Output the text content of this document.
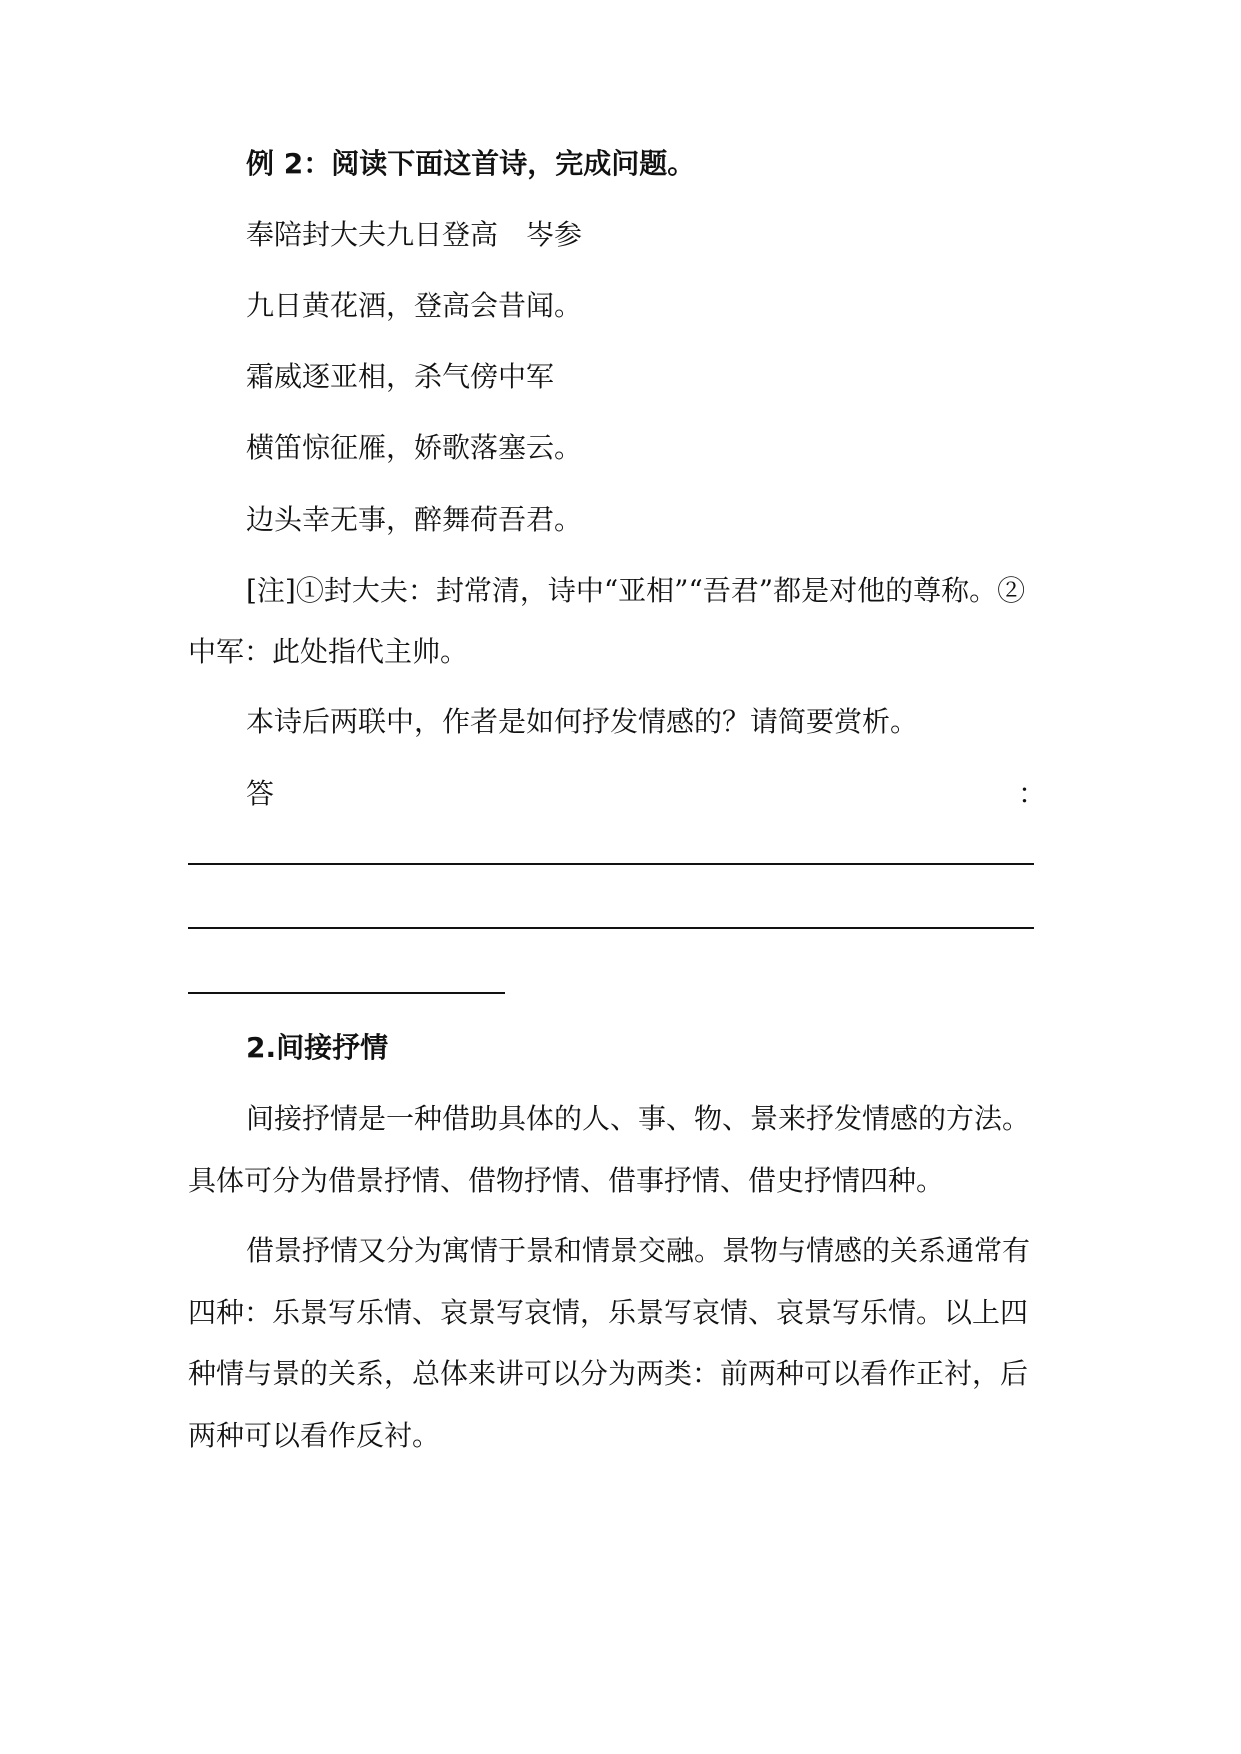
例 2：阅读下面这首诗，完成问题。
奉陪封大夫九日登高　岑参
九日黄花酒，登高会昔闻。
霜威逐亚相，杀气傍中军
横笛惊征雁，娇歌落塞云。
边头幸无事，醉舞荷吾君。
[注]①封大夫：封常清，诗中“亚相”“吾君”都是对他的尊称。②
中军：此处指代主帅。
本诗后两联中，作者是如何抒发情感的？请简要赏析。
答	：
2.间接抒情
间接抒情是一种借助具体的人、事、物、景来抒发情感的方法。
具体可分为借景抒情、借物抒情、借事抒情、借史抒情四种。
借景抒情又分为寓情于景和情景交融。景物与情感的关系通常有
四种：乐景写乐情、哀景写哀情，乐景写哀情、哀景写乐情。以上四
种情与景的关系，总体来讲可以分为两类：前两种可以看作正衬，后
两种可以看作反衬。
